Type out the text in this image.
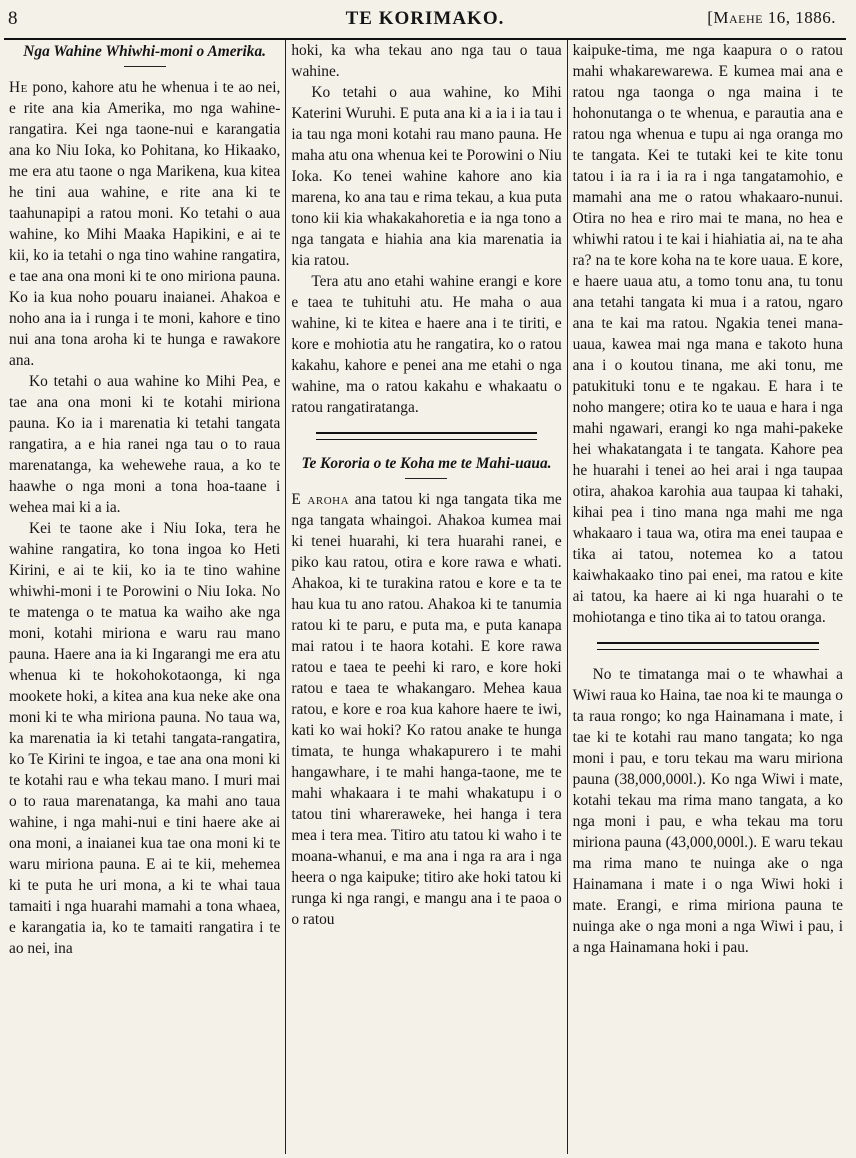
8	TE KORIMAKO.	[Maehe 16, 1886.
Nga Wahine Whiwhi-moni o Amerika.

He pono, kahore atu he whenua i te ao nei, e rite ana kia Amerika, mo nga wahine-rangatira. Kei nga taone-nui e karangatia ana ko Niu Ioka, ko Pohitana, ko Hikaako, me era atu taone o nga Marikena, kua kitea he tini aua wahine, e rite ana ki te taahunapipi a ratou moni. Ko tetahi o aua wahine, ko Mihi Maaka Hapikini, e ai te kii, ko ia tetahi o nga tino wahine rangatira, e tae ana ona moni ki te ono miriona pauna. Ko ia kua noho pouaru inaianei. Ahakoa e noho ana ia i runga i te moni, kahore e tino nui ana tona aroha ki te hunga e rawakore ana.

Ko tetahi o aua wahine ko Mihi Pea, e tae ana ona moni ki te kotahi miriona pauna. Ko ia i marenatia ki tetahi tangata rangatira, a e hia ranei nga tau o to raua marenatanga, ka wehewehe raua, a ko te haawhe o nga moni a tona hoa-taane i wehea mai ki a ia.

Kei te taone ake i Niu Ioka, tera he wahine rangatira, ko tona ingoa ko Heti Kirini, e ai te kii, ko ia te tino wahine whiwhi-moni i te Porowini o Niu Ioka. No te matenga o te matua ka waiho ake nga moni, kotahi miriona e waru rau mano pauna. Haere ana ia ki Ingarangi me era atu whenua ki te hokohokotaonga, ki nga mookete hoki, a kitea ana kua neke ake ona moni ki te wha miriona pauna. No taua wa, ka marenatia ia ki tetahi tangata-rangatira, ko Te Kirini te ingoa, e tae ana ona moni ki te kotahi rau e wha tekau mano. I muri mai o to raua marenatanga, ka mahi ano taua wahine, i nga mahi-nui e tini haere ake ai ona moni, a inaianei kua tae ona moni ki te waru miriona pauna. E ai te kii, mehemea ki te puta he uri mona, a ki te whai taua tamaiti i nga huarahi mamahi a tona whaea, e karangatia ia, ko te tamaiti rangatira i te ao nei, ina

hoki, ka wha tekau ano nga tau o taua wahine.

Ko tetahi o aua wahine, ko Mihi Katerini Wuruhi. E puta ana ki a ia i ia tau i ia tau nga moni kotahi rau mano pauna. He maha atu ona whenua kei te Porowini o Niu Ioka. Ko tenei wahine kahore ano kia marena, ko ana tau e rima tekau, a kua puta tono kii kia whakakahoretia e ia nga tono a nga tangata e hiahia ana kia marenatia ia kia ratou.

Tera atu ano etahi wahine erangi e kore e taea te tuhituhi atu. He maha o aua wahine, ki te kitea e haere ana i te tiriti, e kore e mohiotia atu he rangatira, ko o ratou kakahu, kahore e penei ana me etahi o nga wahine, ma o ratou kakahu e whakaatu o ratou rangatiratanga.

Te Kororia o te Koha me te Mahi-uaua.

E aroha ana tatou ki nga tangata tika me nga tangata whaingoi. Ahakoa kumea mai ki tenei huarahi, ki tera huarahi ranei, e piko kau ratou, otira e kore rawa e whati. Ahakoa, ki te turakina ratou e kore e ta te hau kua tu ano ratou. Ahakoa ki te tanumia ratou ki te paru, e puta ma, e puta kanapa mai ratou i te haora kotahi. E kore rawa ratou e taea te peehi ki raro, e kore hoki ratou e taea te whakangaro. Mehea kaua ratou, e kore e roa kua kahore haere te iwi, kati ko wai hoki? Ko ratou anake te hunga timata, te hunga whakapurero i te mahi hangawhare, i te mahi hanga-taone, me te mahi whakaara i te mahi whakatupu i o tatou tini wharerawеke, hei hanga i tera mea i tera mea. Titiro atu tatou ki waho i te moana-whanui, e ma ana i nga ra ara i nga heera o nga kaipuke; titiro ake hoki tatou ki runga ki nga rangi, e mangu ana i te paoa o o ratou

kaipuke-tima, me nga kaapura o o ratou mahi whakarewarewa. E kumea mai ana e ratou nga taonga o nga maina i te hohonutanga o te whenua, e parautia ana e ratou nga whenua e tupu ai nga oranga mo te tangata. Kei te tutaki kei te kite tonu tatou i ia ra i ia ra i nga tangatamohio, e mamahi ana me o ratou whakaaro-nunui. Otira no hea e riro mai te mana, no hea e whiwhi ratou i te kai i hiahiatia ai, na te aha ra? na te kore koha na te kore uaua. E kore, e haere uaua atu, a tomo tonu ana, tu tonu ana tetahi tangata ki mua i a ratou, ngaro ana te kai ma ratou. Ngakia tenei mana-uaua, kawea mai nga mana e takoto huna ana i o koutou tinana, me aki tonu, me patukituki tonu e te ngakau. E hara i te noho mangere; otira ko te uaua e hara i nga mahi ngawari, erangi ko nga mahi-pakeke hei whakatangata i te tangata. Kahore pea he huarahi i tenei ao hei arai i nga taupaa otira, ahakoa karohia aua taupaa ki tahaki, kihai pea i tino mana nga mahi me nga whakaaro i taua wa, otira ma enei taupaa e tika ai tatou, notemea ko a tatou kaiwhakaako tino pai enei, ma ratou e kite ai tatou, ka haere ai ki nga huarahi o te mohiotanga e tino tika ai to tatou oranga.

No te timatanga mai o te whawhai a Wiwi raua ko Haina, tae noa ki te maunga o ta raua rongo; ko nga Hainamana i mate, i tae ki te kotahi rau mano tangata; ko nga moni i pau, e toru tekau ma waru miriona pauna (38,000,000l.). Ko nga Wiwi i mate, kotahi tekau ma rima mano tangata, a ko nga moni i pau, e wha tekau ma toru miriona pauna (43,000,000l.). E waru tekau ma rima mano te nuinga ake o nga Hainamana i mate i o nga Wiwi hoki i mate. Erangi, e rima miriona pauna te nuinga ake o nga moni a nga Wiwi i pau, i a nga Hainamana hoki i pau.
